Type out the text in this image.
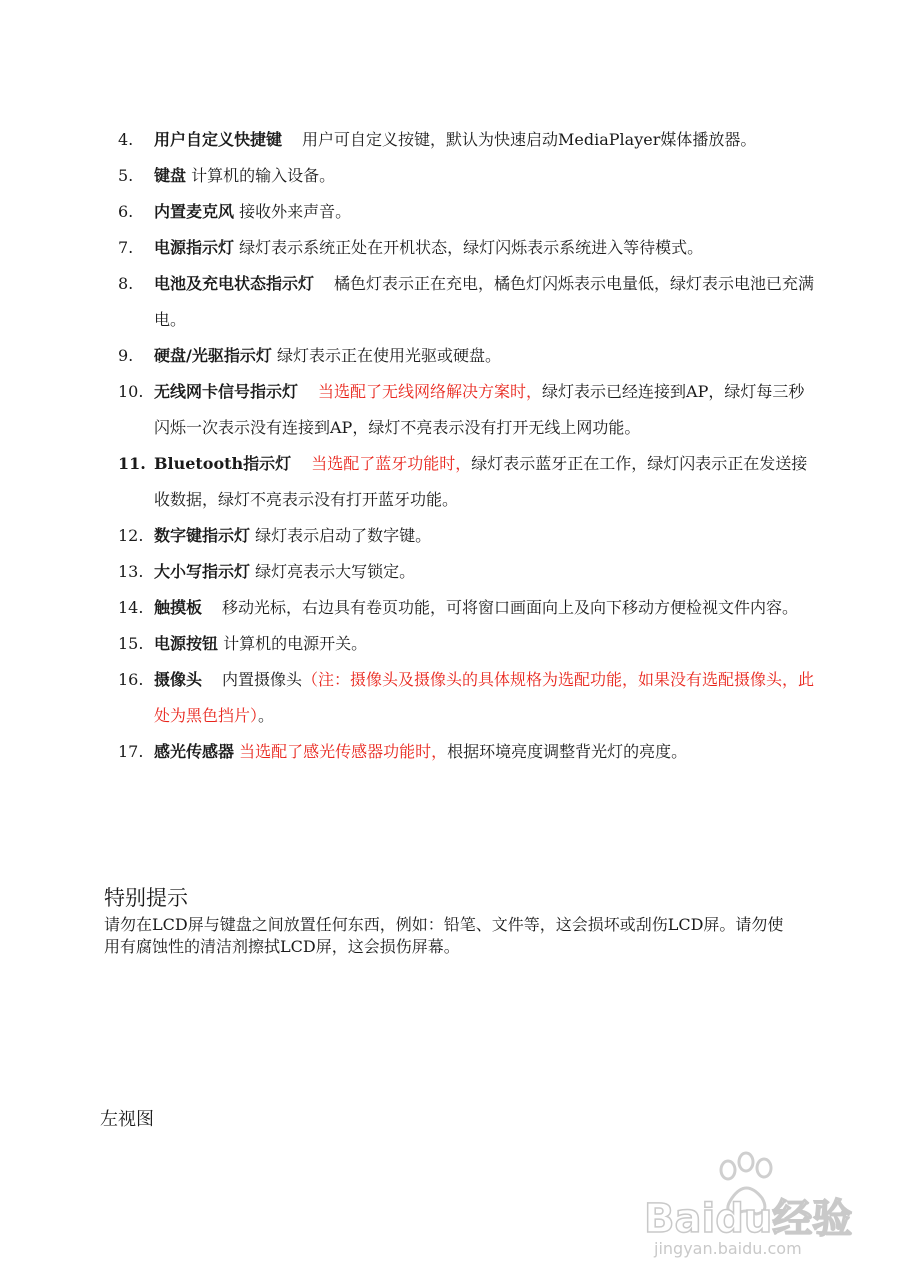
4. 用户自定义快捷键 用户可自定义按键，默认为快速启动MediaPlayer媒体播放器。
5. 键盘 计算机的输入设备。
6. 内置麦克风 接收外来声音。
7. 电源指示灯 绿灯表示系统正处在开机状态，绿灯闪烁表示系统进入等待模式。
8. 电池及充电状态指示灯 橘色灯表示正在充电，橘色灯闪烁表示电量低，绿灯表示电池已充满电。
9. 硬盘/光驱指示灯 绿灯表示正在使用光驱或硬盘。
10. 无线网卡信号指示灯 当选配了无线网络解决方案时，绿灯表示已经连接到AP，绿灯每三秒闪烁一次表示没有连接到AP，绿灯不亮表示没有打开无线上网功能。
11. Bluetooth指示灯 当选配了蓝牙功能时，绿灯表示蓝牙正在工作，绿灯闪表示正在发送接收数据，绿灯不亮表示没有打开蓝牙功能。
12. 数字键指示灯 绿灯表示启动了数字键。
13. 大小写指示灯 绿灯亮表示大写锁定。
14. 触摸板 移动光标，右边具有卷页功能，可将窗口画面向上及向下移动方便检视文件内容。
15. 电源按钮 计算机的电源开关。
16. 摄像头 内置摄像头（注：摄像头及摄像头的具体规格为选配功能，如果没有选配摄像头，此处为黑色挡片）。
17. 感光传感器 当选配了感光传感器功能时，根据环境亮度调整背光灯的亮度。
特别提示
请勿在LCD屏与键盘之间放置任何东西，例如：铅笔、文件等，这会损坏或刮伤LCD屏。请勿使用有腐蚀性的清洁剂擦拭LCD屏，这会损伤屏幕。
左视图
Baidu经验
jingyan.baidu.com
